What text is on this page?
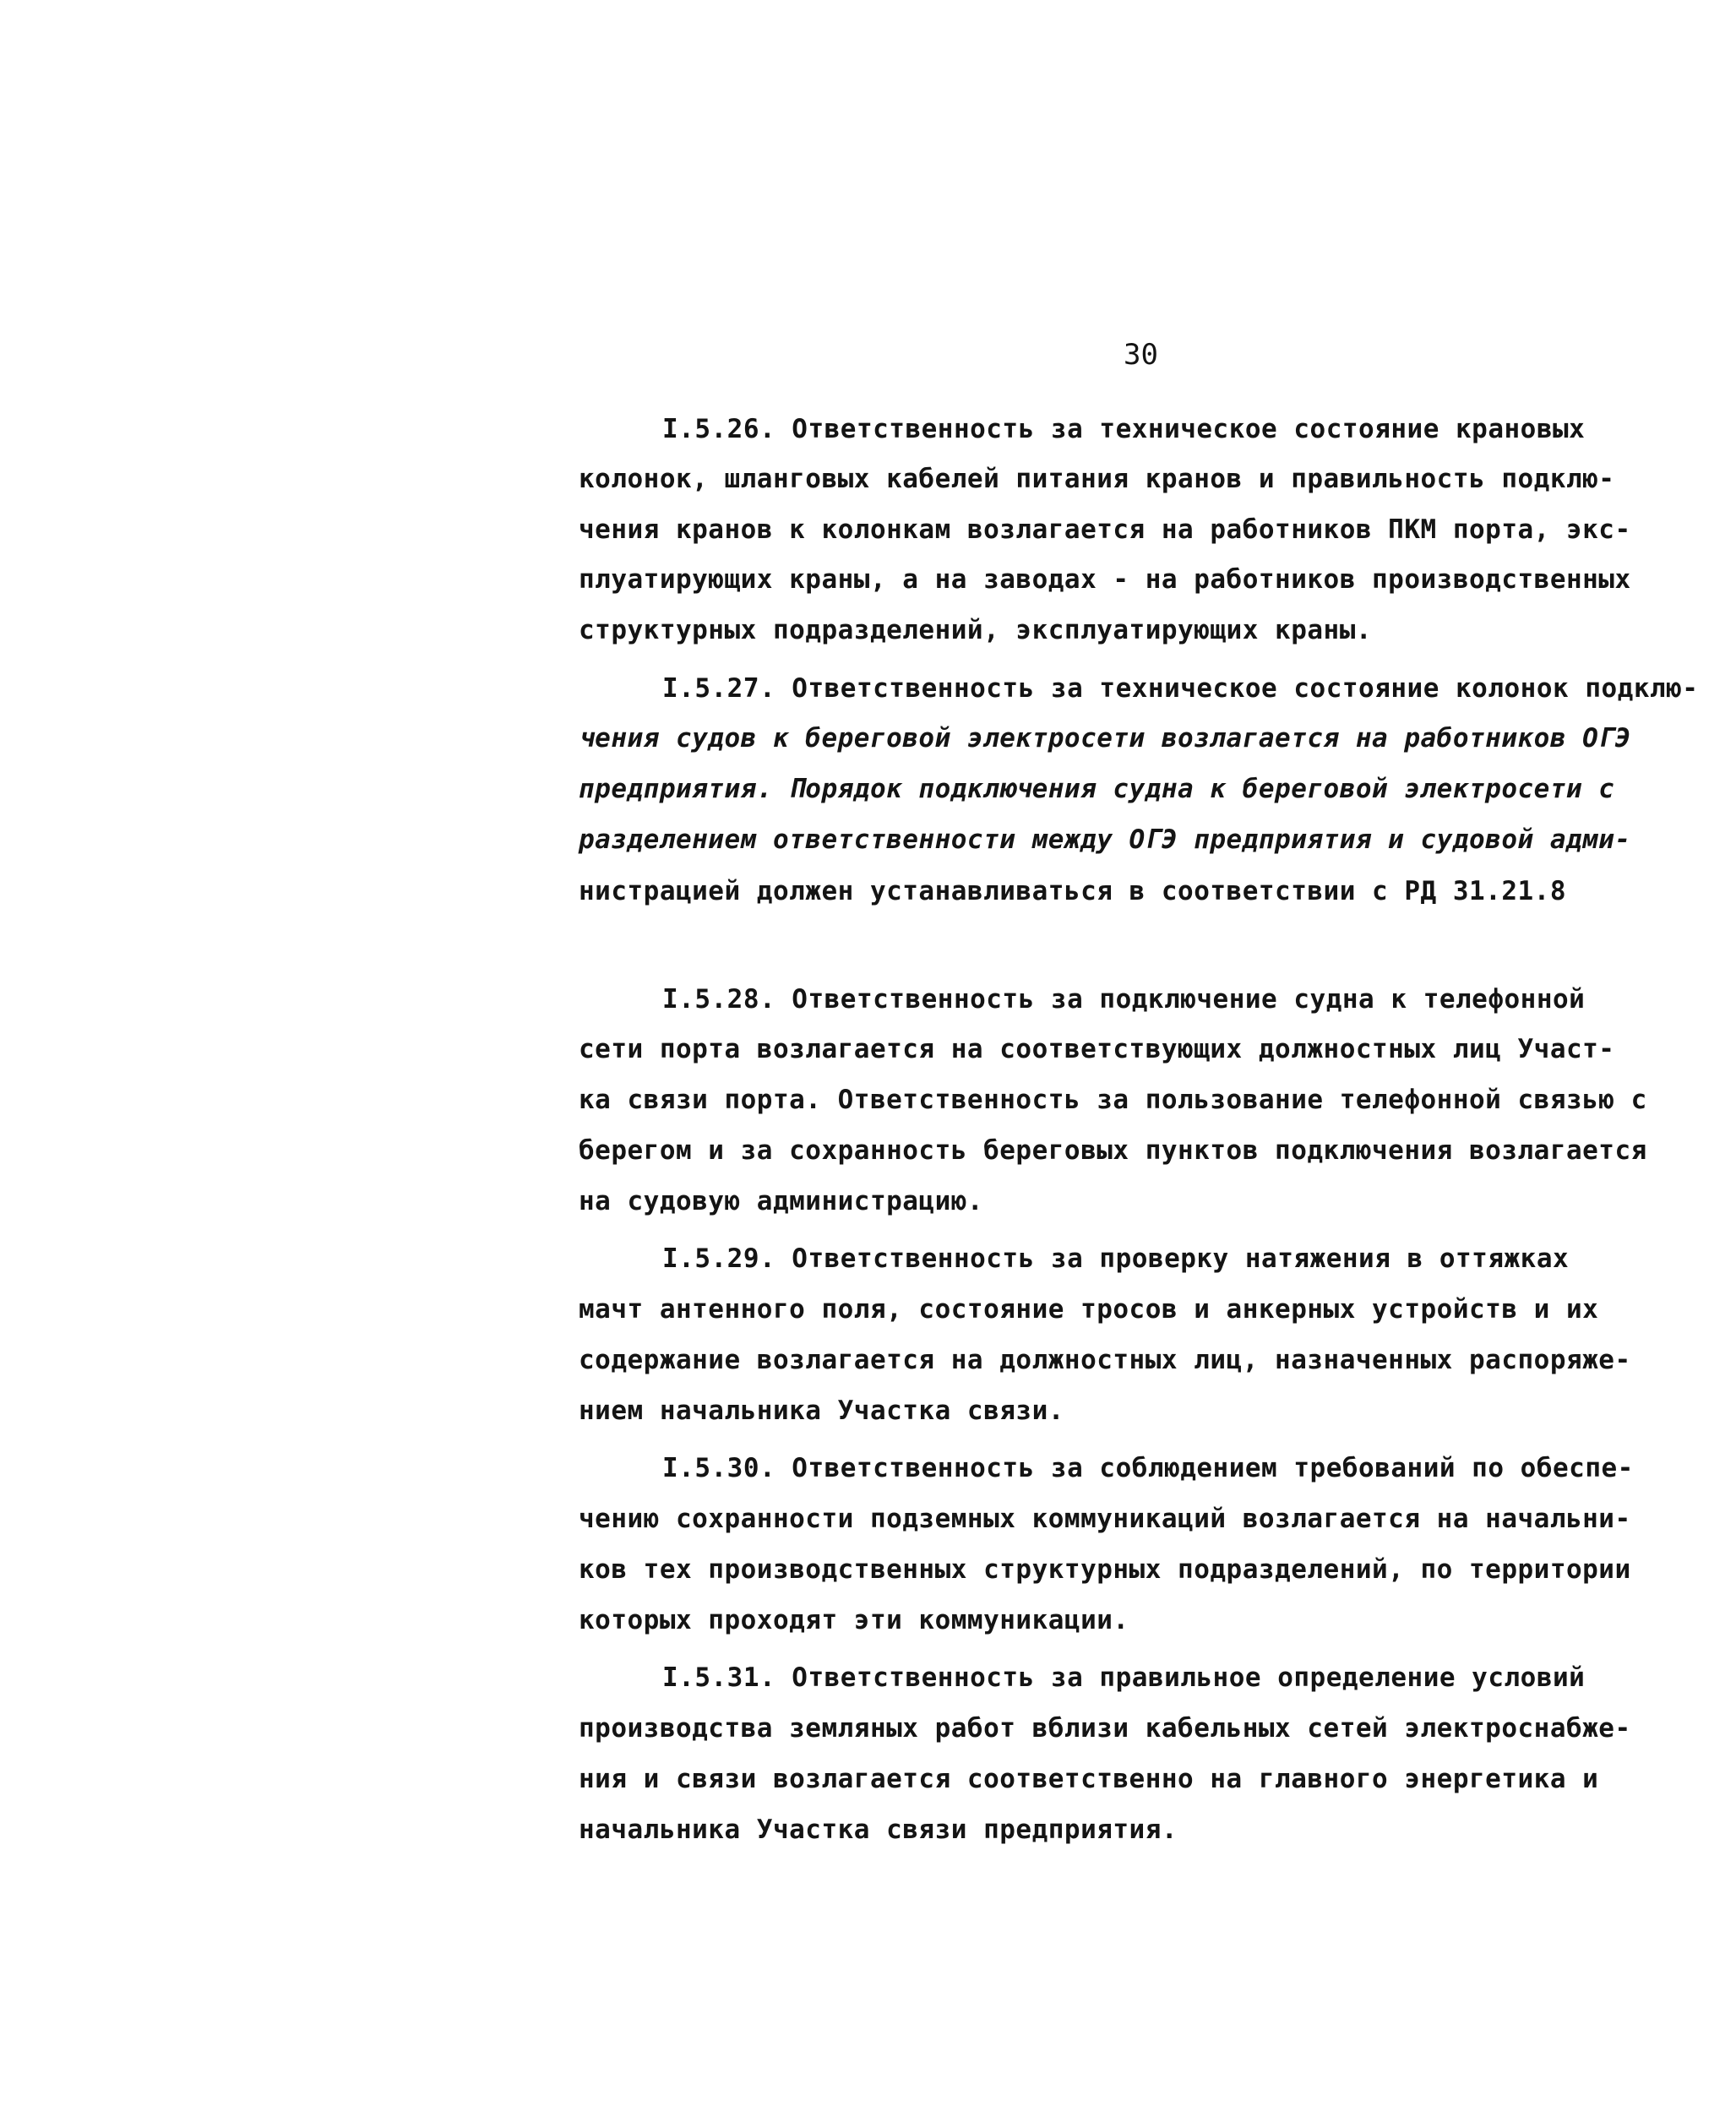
30
I.5.26. Ответственность за техническое состояние крановых
колонок, шланговых кабелей питания кранов и правильность подклю-
чения кранов к колонкам возлагается на работников ПКМ порта, экс-
плуатирующих краны, а на заводах - на работников производственных
структурных подразделений, эксплуатирующих краны.
I.5.27. Ответственность за техническое состояние колонок подклю-
чения судов к береговой электросети возлагается на работников ОГЭ
предприятия. Порядок подключения судна к береговой электросети с
разделением ответственности между ОГЭ предприятия и судовой адми-
нистрацией должен устанавливаться в соответствии с РД 31.21.8
I.5.28. Ответственность за подключение судна к телефонной
сети порта возлагается на соответствующих должностных лиц Участ-
ка связи порта. Ответственность за пользование телефонной связью с
берегом и за сохранность береговых пунктов подключения возлагается
на судовую администрацию.
I.5.29. Ответственность за проверку натяжения в оттяжках
мачт антенного поля, состояние тросов и анкерных устройств и их
содержание возлагается на должностных лиц, назначенных распоряже-
нием начальника Участка связи.
I.5.30. Ответственность за соблюдением требований по обеспе-
чению сохранности подземных коммуникаций возлагается на начальни-
ков тех производственных структурных подразделений, по территории
которых проходят эти коммуникации.
I.5.31. Ответственность за правильное определение условий
производства земляных работ вблизи кабельных сетей электроснабже-
ния и связи возлагается соответственно на главного энергетика и
начальника Участка связи предприятия.
